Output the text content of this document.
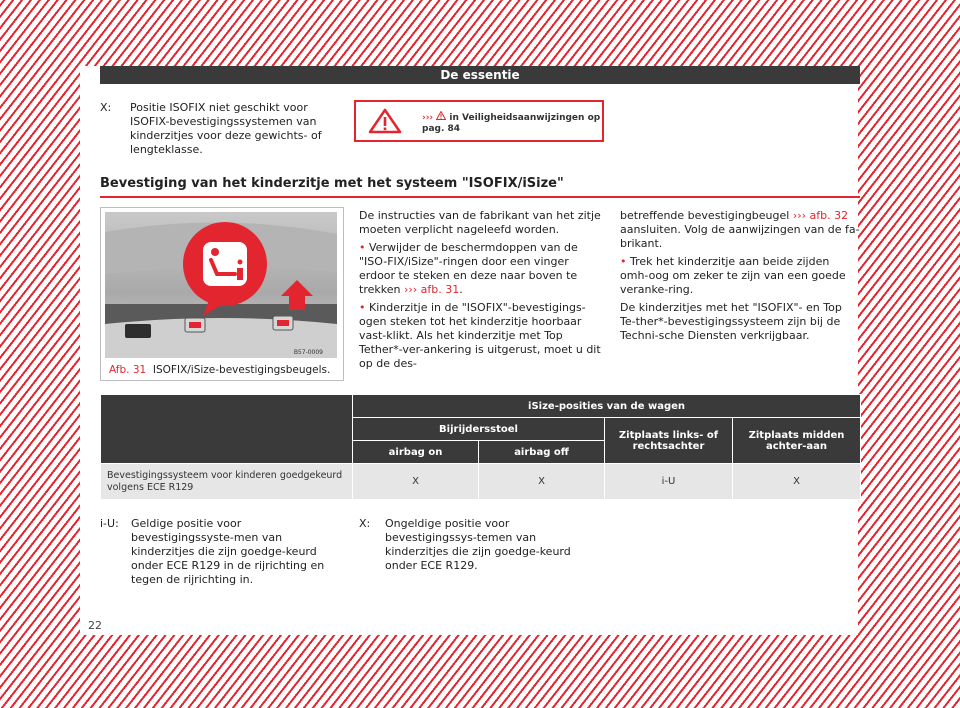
De essentie
X: Positie ISOFIX niet geschikt voor ISOFIX-bevestigingssystemen van kinderzitjes voor deze gewichts- of lengteklasse.
››› in Veiligheidsaanwijzingen op pag. 84
Bevestiging van het kinderzitje met het systeem "ISOFIX/iSize"
B57-0009
Afb. 31 ISOFIX/iSize-bevestigingsbeugels.

De instructies van de fabrikant van het zitje moeten verplicht nageleefd worden.

• Verwijder de beschermdoppen van de "ISO-FIX/iSize"-ringen door een vinger erdoor te steken en deze naar boven te trekken ››› afb. 31.

• Kinderzitje in de "ISOFIX"-bevestigings-ogen steken tot het kinderzitje hoorbaar vast-klikt. Als het kinderzitje met Top Tether*-ver-ankering is uitgerust, moet u dit op de des-

betreffende bevestigingbeugel ››› afb. 32 aansluiten. Volg de aanwijzingen van de fa-brikant.

• Trek het kinderzitje aan beide zijden omh-oog om zeker te zijn van een goede veranke-ring.

De kinderzitjes met het "ISOFIX"- en Top Te-ther*-bevestigingssysteem zijn bij de Techni-sche Diensten verkrijgbaar.

	iSize-posities van de wagen			
	Bijrijdersstoel		Zitplaats links- of rechtsachter	Zitplaats midden achter-aan
	airbag on	airbag off		
Bevestigingssysteem voor kinderen goedgekeurd volgens ECE R129	X	X	i-U	X
i-U: Geldige positie voor bevestigingssyste-men van kinderzitjes die zijn goedge-keurd onder ECE R129 in de rijrichting en tegen de rijrichting in.
X: Ongeldige positie voor bevestigingssys-temen van kinderzitjes die zijn goedge-keurd onder ECE R129.
22
